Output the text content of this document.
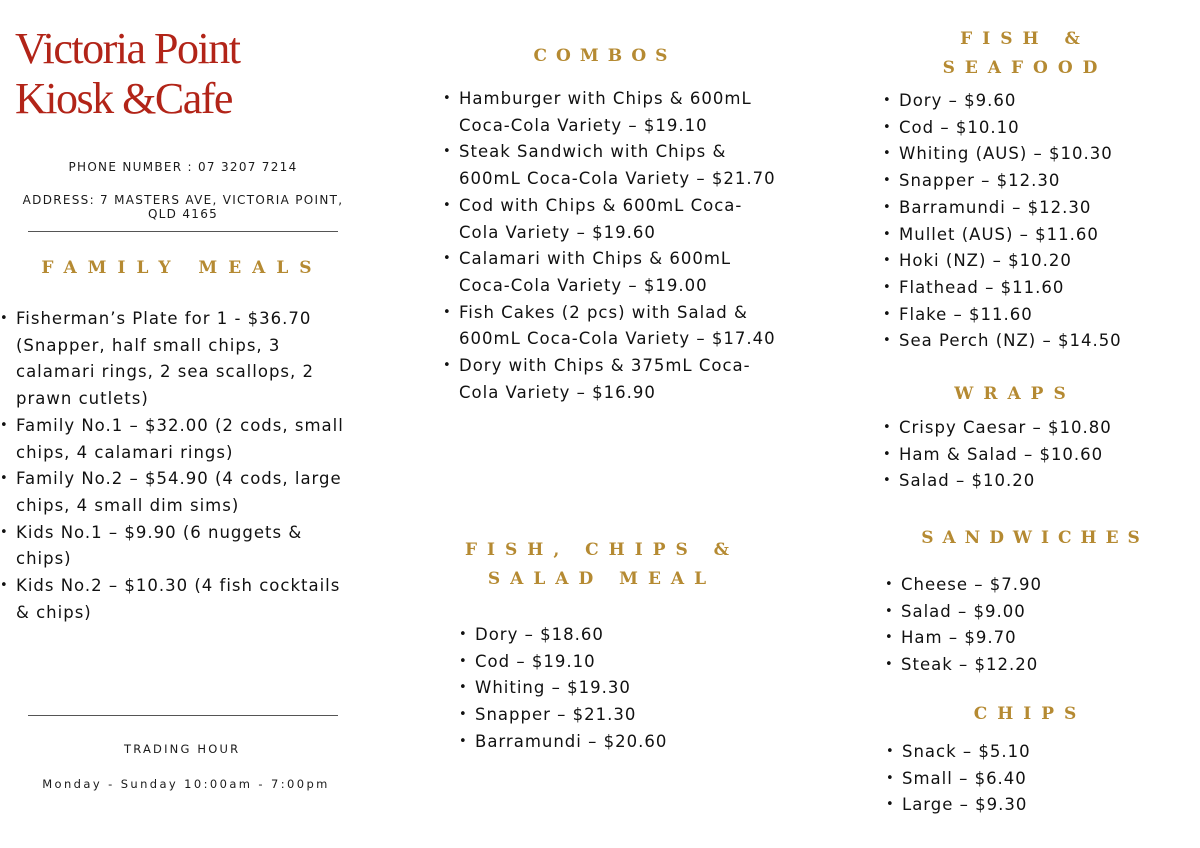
Victoria Point
Kiosk &Cafe
PHONE NUMBER : 07 3207 7214
ADDRESS: 7 MASTERS AVE, VICTORIA POINT, QLD 4165
FAMILY MEALS
• Fisherman’s Plate for 1 - $36.70 (Snapper, half small chips, 3 calamari rings, 2 sea scallops, 2 prawn cutlets)
• Family No.1 – $32.00 (2 cods, small chips, 4 calamari rings)
• Family No.2 – $54.90 (4 cods, large chips, 4 small dim sims)
• Kids No.1 – $9.90 (6 nuggets & chips)
• Kids No.2 – $10.30 (4 fish cocktails & chips)
TRADING HOUR
Monday - Sunday 10:00am - 7:00pm
COMBOS
• Hamburger with Chips & 600mL Coca-Cola Variety – $19.10
• Steak Sandwich with Chips & 600mL Coca-Cola Variety – $21.70
• Cod with Chips & 600mL Coca-Cola Variety – $19.60
• Calamari with Chips & 600mL Coca-Cola Variety – $19.00
• Fish Cakes (2 pcs) with Salad & 600mL Coca-Cola Variety – $17.40
• Dory with Chips & 375mL Coca-Cola Variety – $16.90
FISH, CHIPS &
SALAD MEAL
• Dory – $18.60
• Cod – $19.10
• Whiting – $19.30
• Snapper – $21.30
• Barramundi – $20.60
FISH &
SEAFOOD
• Dory – $9.60
• Cod – $10.10
• Whiting (AUS) – $10.30
• Snapper – $12.30
• Barramundi – $12.30
• Mullet (AUS) – $11.60
• Hoki (NZ) – $10.20
• Flathead – $11.60
• Flake – $11.60
• Sea Perch (NZ) – $14.50
WRAPS
• Crispy Caesar – $10.80
• Ham & Salad – $10.60
• Salad – $10.20
SANDWICHES
• Cheese – $7.90
• Salad – $9.00
• Ham – $9.70
• Steak – $12.20
CHIPS
• Snack – $5.10
• Small – $6.40
• Large – $9.30
